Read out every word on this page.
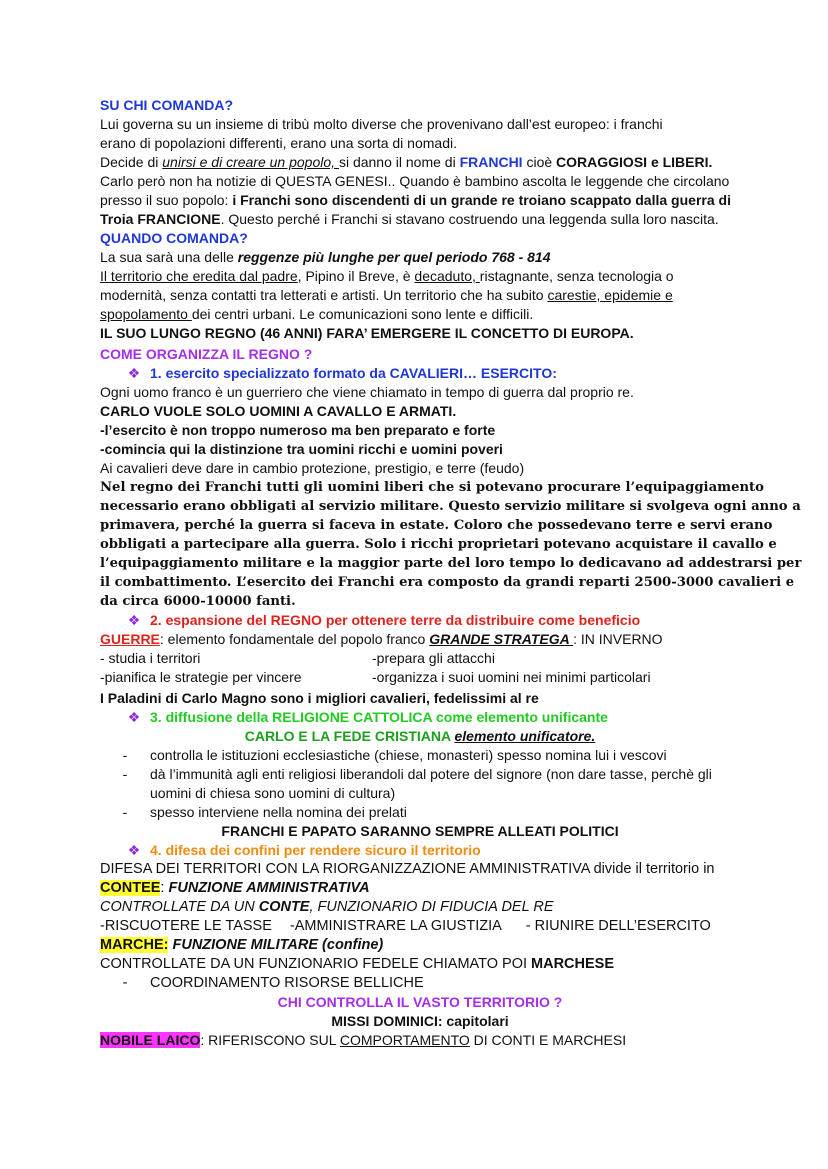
SU CHI COMANDA?

Lui governa su un insieme di tribù molto diverse che provenivano dall’est europeo: i franchi

erano di popolazioni differenti, erano una sorta di nomadi.

Decide di unirsi e di creare un popolo, si danno il nome di FRANCHI cioè CORAGGIOSI e LIBERI.

Carlo però non ha notizie di QUESTA GENESI.. Quando è bambino ascolta le leggende che circolano

presso il suo popolo: i Franchi sono discendenti di un grande re troiano scappato dalla guerra di

Troia FRANCIONE. Questo perché i Franchi si stavano costruendo una leggenda sulla loro nascita.

QUANDO COMANDA?

La sua sarà una delle reggenze più lunghe per quel periodo 768 - 814

Il territorio che eredita dal padre, Pipino il Breve, è decaduto, ristagnante, senza tecnologia o

modernità, senza contatti tra letterati e artisti. Un territorio che ha subito carestie, epidemie e

spopolamento dei centri urbani. Le comunicazioni sono lente e difficili.

IL SUO LUNGO REGNO (46 ANNI) FARA’ EMERGERE IL CONCETTO DI EUROPA.

COME ORGANIZZA IL REGNO ?

❖ 1. esercito specializzato formato da CAVALIERI… ESERCITO:

Ogni uomo franco è un guerriero che viene chiamato in tempo di guerra dal proprio re.

CARLO VUOLE SOLO UOMINI A CAVALLO E ARMATI.

-l’esercito è non troppo numeroso ma ben preparato e forte

-comincia qui la distinzione tra uomini ricchi e uomini poveri

Ai cavalieri deve dare in cambio protezione, prestigio, e terre (feudo)

Nel regno dei Franchi tutti gli uomini liberi che si potevano procurare l’equipaggiamento

necessario erano obbligati al servizio militare. Questo servizio militare si svolgeva ogni anno a

primavera, perché la guerra si faceva in estate. Coloro che possedevano terre e servi erano

obbligati a partecipare alla guerra. Solo i ricchi proprietari potevano acquistare il cavallo e

l’equipaggiamento militare e la maggior parte del loro tempo lo dedicavano ad addestrarsi per

il combattimento. L’esercito dei Franchi era composto da grandi reparti 2500-3000 cavalieri e

da circa 6000-10000 fanti.

❖ 2. espansione del REGNO per ottenere terre da distribuire come beneficio

GUERRE: elemento fondamentale del popolo franco GRANDE STRATEGA : IN INVERNO

- studia i territori	-prepara gli attacchi

-pianifica le strategie per vincere	-organizza i suoi uomini nei minimi particolari

I Paladini di Carlo Magno sono i migliori cavalieri, fedelissimi al re

❖ 3. diffusione della RELIGIONE CATTOLICA come elemento unificante

CARLO E LA FEDE CRISTIANA elemento unificatore.

- controlla le istituzioni ecclesiastiche (chiese, monasteri) spesso nomina lui i vescovi

- dà l’immunità agli enti religiosi liberandoli dal potere del signore (non dare tasse, perchè gli

uomini di chiesa sono uomini di cultura)

- spesso interviene nella nomina dei prelati

FRANCHI E PAPATO SARANNO SEMPRE ALLEATI POLITICI

❖ 4. difesa dei confini per rendere sicuro il territorio

DIFESA DEI TERRITORI CON LA RIORGANIZZAZIONE AMMINISTRATIVA divide il territorio in

CONTEE: FUNZIONE AMMINISTRATIVA

CONTROLLATE DA UN CONTE, FUNZIONARIO DI FIDUCIA DEL RE

-RISCUOTERE LE TASSE -AMMINISTRARE LA GIUSTIZIA - RIUNIRE DELL’ESERCITO

MARCHE: FUNZIONE MILITARE (confine)

CONTROLLATE DA UN FUNZIONARIO FEDELE CHIAMATO POI MARCHESE

- COORDINAMENTO RISORSE BELLICHE

CHI CONTROLLA IL VASTO TERRITORIO ?

MISSI DOMINICI: capitolari

NOBILE LAICO: RIFERISCONO SUL COMPORTAMENTO DI CONTI E MARCHESI
